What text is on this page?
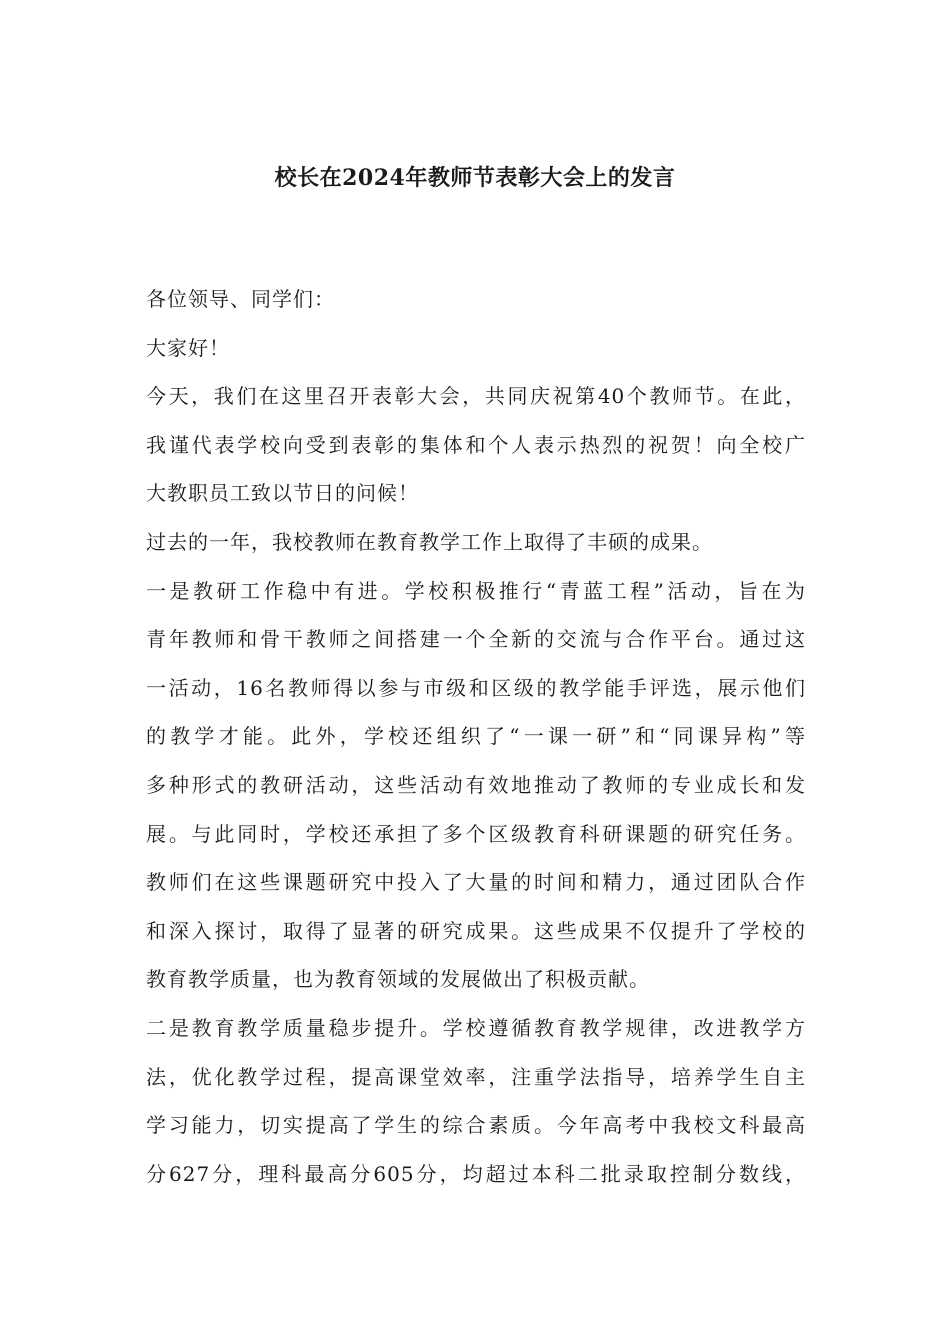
校长在2024年教师节表彰大会上的发言
各位领导、同学们：
大家好！
今天，我们在这里召开表彰大会，共同庆祝第40个教师节。在此，
我谨代表学校向受到表彰的集体和个人表示热烈的祝贺！向全校广
大教职员工致以节日的问候！
过去的一年，我校教师在教育教学工作上取得了丰硕的成果。
一是教研工作稳中有进。学校积极推行“青蓝工程”活动，旨在为
青年教师和骨干教师之间搭建一个全新的交流与合作平台。通过这
一活动，16名教师得以参与市级和区级的教学能手评选，展示他们
的教学才能。此外，学校还组织了“一课一研”和“同课异构”等
多种形式的教研活动，这些活动有效地推动了教师的专业成长和发
展。与此同时，学校还承担了多个区级教育科研课题的研究任务。
教师们在这些课题研究中投入了大量的时间和精力，通过团队合作
和深入探讨，取得了显著的研究成果。这些成果不仅提升了学校的
教育教学质量，也为教育领域的发展做出了积极贡献。
二是教育教学质量稳步提升。学校遵循教育教学规律，改进教学方
法，优化教学过程，提高课堂效率，注重学法指导，培养学生自主
学习能力，切实提高了学生的综合素质。今年高考中我校文科最高
分627分，理科最高分605分，均超过本科二批录取控制分数线，
